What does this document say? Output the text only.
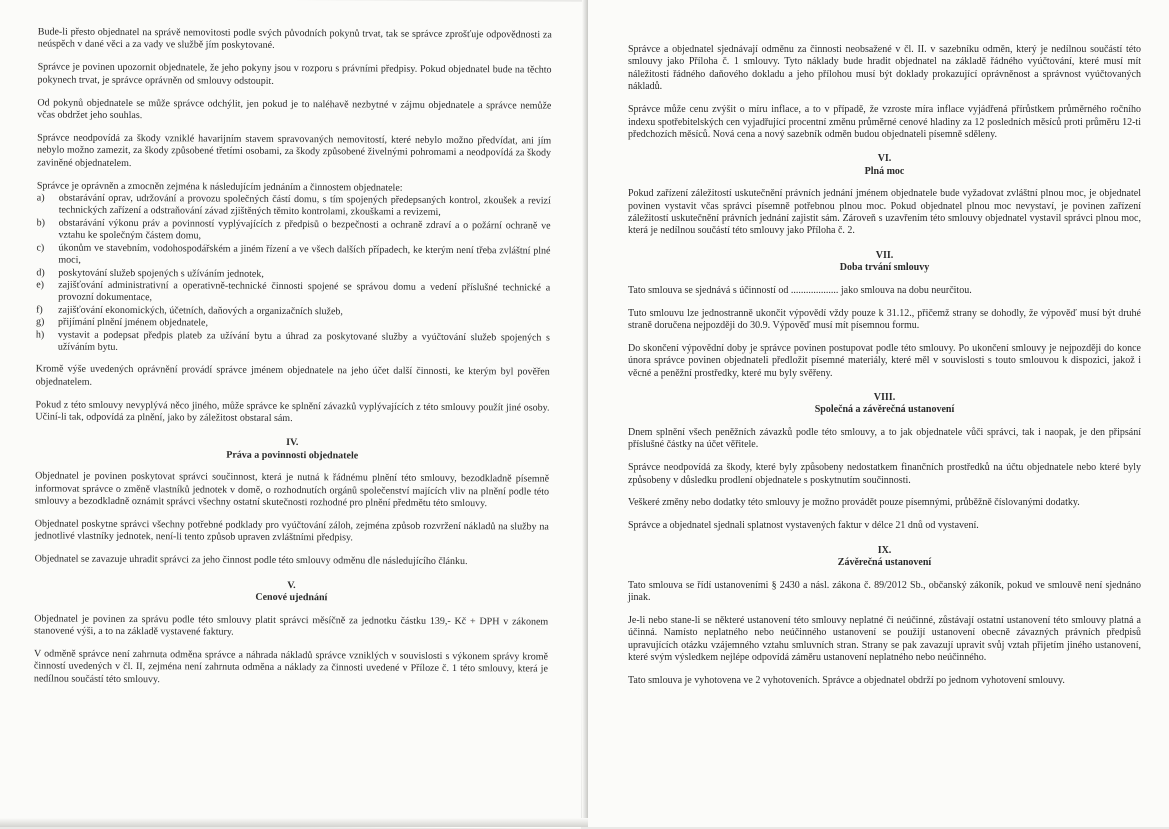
Bude-li přesto objednatel na správě nemovitosti podle svých původních pokynů trvat, tak se správce zprošťuje odpovědnosti za neúspěch v dané věci a za vady ve službě jím poskytované.

Správce je povinen upozornit objednatele, že jeho pokyny jsou v rozporu s právními předpisy. Pokud objednatel bude na těchto pokynech trvat, je správce oprávněn od smlouvy odstoupit.

Od pokynů objednatele se může správce odchýlit, jen pokud je to naléhavě nezbytné v zájmu objednatele a správce nemůže včas obdržet jeho souhlas.

Správce neodpovídá za škody vzniklé havarijním stavem spravovaných nemovitostí, které nebylo možno předvídat, ani jím nebylo možno zamezit, za škody způsobené třetími osobami, za škody způsobené živelnými pohromami a neodpovídá za škody zaviněné objednatelem.

Správce je oprávněn a zmocněn zejména k následujícím jednáním a činnostem objednatele:

a)	obstarávání oprav, udržování a provozu společných částí domu, s tím spojených předepsaných kontrol, zkoušek a revizí technických zařízení a odstraňování závad zjištěných těmito kontrolami, zkouškami a revizemi,
b)	obstarávání výkonu práv a povinností vyplývajících z předpisů o bezpečnosti a ochraně zdraví a o požární ochraně ve vztahu ke společným částem domu,
c)	úkonům ve stavebním, vodohospodářském a jiném řízení a ve všech dalších případech, ke kterým není třeba zvláštní plné moci,
d)	poskytování služeb spojených s užíváním jednotek,
e)	zajišťování administrativní a operativně-technické činnosti spojené se správou domu a vedení příslušné technické a provozní dokumentace,
f)	zajišťování ekonomických, účetních, daňových a organizačních služeb,
g)	přijímání plnění jménem objednatele,
h)	vystavit a podepsat předpis plateb za užívání bytu a úhrad za poskytované služby a vyúčtování služeb spojených s užíváním bytu.

Kromě výše uvedených oprávnění provádí správce jménem objednatele na jeho účet další činnosti, ke kterým byl pověřen objednatelem.

Pokud z této smlouvy nevyplývá něco jiného, může správce ke splnění závazků vyplývajících z této smlouvy použít jiné osoby. Učiní-li tak, odpovídá za plnění, jako by záležitost obstaral sám.

IV.
Práva a povinnosti objednatele

Objednatel je povinen poskytovat správci součinnost, která je nutná k řádnému plnění této smlouvy, bezodkladně písemně informovat správce o změně vlastníků jednotek v domě, o rozhodnutích orgánů společenství majících vliv na plnění podle této smlouvy a bezodkladně oznámit správci všechny ostatní skutečnosti rozhodné pro plnění předmětu této smlouvy.

Objednatel poskytne správci všechny potřebné podklady pro vyúčtování záloh, zejména způsob rozvržení nákladů na služby na jednotlivé vlastníky jednotek, není-li tento způsob upraven zvláštními předpisy.

Objednatel se zavazuje uhradit správci za jeho činnost podle této smlouvy odměnu dle následujícího článku.

V.
Cenové ujednání

Objednatel je povinen za správu podle této smlouvy platit správci měsíčně za jednotku částku 139,- Kč + DPH v zákonem stanovené výši, a to na základě vystavené faktury.

V odměně správce není zahrnuta odměna správce a náhrada nákladů správce vzniklých v souvislosti s výkonem správy kromě činností uvedených v čl. II, zejména není zahrnuta odměna a náklady za činnosti uvedené v Příloze č. 1 této smlouvy, která je nedílnou součástí této smlouvy.

Správce a objednatel sjednávají odměnu za činnosti neobsažené v čl. II. v sazebníku odměn, který je nedílnou součástí této smlouvy jako Příloha č. 1 smlouvy. Tyto náklady bude hradit objednatel na základě řádného vyúčtování, které musí mít náležitosti řádného daňového dokladu a jeho přílohou musí být doklady prokazující oprávněnost a správnost vyúčtovaných nákladů.

Správce může cenu zvýšit o míru inflace, a to v případě, že vzroste míra inflace vyjádřená přírůstkem průměrného ročního indexu spotřebitelských cen vyjadřující procentní změnu průměrné cenové hladiny za 12 posledních měsíců proti průměru 12-ti předchozích měsíců. Nová cena a nový sazebník odměn budou objednateli písemně sděleny.

VI.
Plná moc

Pokud zařízení záležitostí uskutečnění právních jednání jménem objednatele bude vyžadovat zvláštní plnou moc, je objednatel povinen vystavit včas správci písemně potřebnou plnou moc. Pokud objednatel plnou moc nevystaví, je povinen zařízení záležitostí uskutečnění právních jednání zajistit sám. Zároveň s uzavřením této smlouvy objednatel vystavil správci plnou moc, která je nedílnou součástí této smlouvy jako Příloha č. 2.

VII.
Doba trvání smlouvy

Tato smlouva se sjednává s účinností od ................... jako smlouva na dobu neurčitou.

Tuto smlouvu lze jednostranně ukončit výpovědí vždy pouze k 31.12., přičemž strany se dohodly, že výpověď musí být druhé straně doručena nejpozději do 30.9. Výpověď musí mít písemnou formu.

Do skončení výpovědní doby je správce povinen postupovat podle této smlouvy. Po ukončení smlouvy je nejpozději do konce února správce povinen objednateli předložit písemné materiály, které měl v souvislosti s touto smlouvou k dispozici, jakož i věcné a peněžní prostředky, které mu byly svěřeny.

VIII.
Společná a závěrečná ustanovení

Dnem splnění všech peněžních závazků podle této smlouvy, a to jak objednatele vůči správci, tak i naopak, je den připsání příslušné částky na účet věřitele.

Správce neodpovídá za škody, které byly způsobeny nedostatkem finančních prostředků na účtu objednatele nebo které byly způsobeny v důsledku prodlení objednatele s poskytnutím součinnosti.

Veškeré změny nebo dodatky této smlouvy je možno provádět pouze písemnými, průběžně číslovanými dodatky.

Správce a objednatel sjednali splatnost vystavených faktur v délce 21 dnů od vystavení.

IX.
Závěrečná ustanovení

Tato smlouva se řídí ustanoveními § 2430 a násl. zákona č. 89/2012 Sb., občanský zákoník, pokud ve smlouvě není sjednáno jinak.

Je-li nebo stane-li se některé ustanovení této smlouvy neplatné či neúčinné, zůstávají ostatní ustanovení této smlouvy platná a účinná. Namísto neplatného nebo neúčinného ustanovení se použijí ustanovení obecně závazných právních předpisů upravujících otázku vzájemného vztahu smluvních stran. Strany se pak zavazují upravit svůj vztah přijetím jiného ustanovení, které svým výsledkem nejlépe odpovídá záměru ustanovení neplatného nebo neúčinného.

Tato smlouva je vyhotovena ve 2 vyhotoveních. Správce a objednatel obdrží po jednom vyhotovení smlouvy.
